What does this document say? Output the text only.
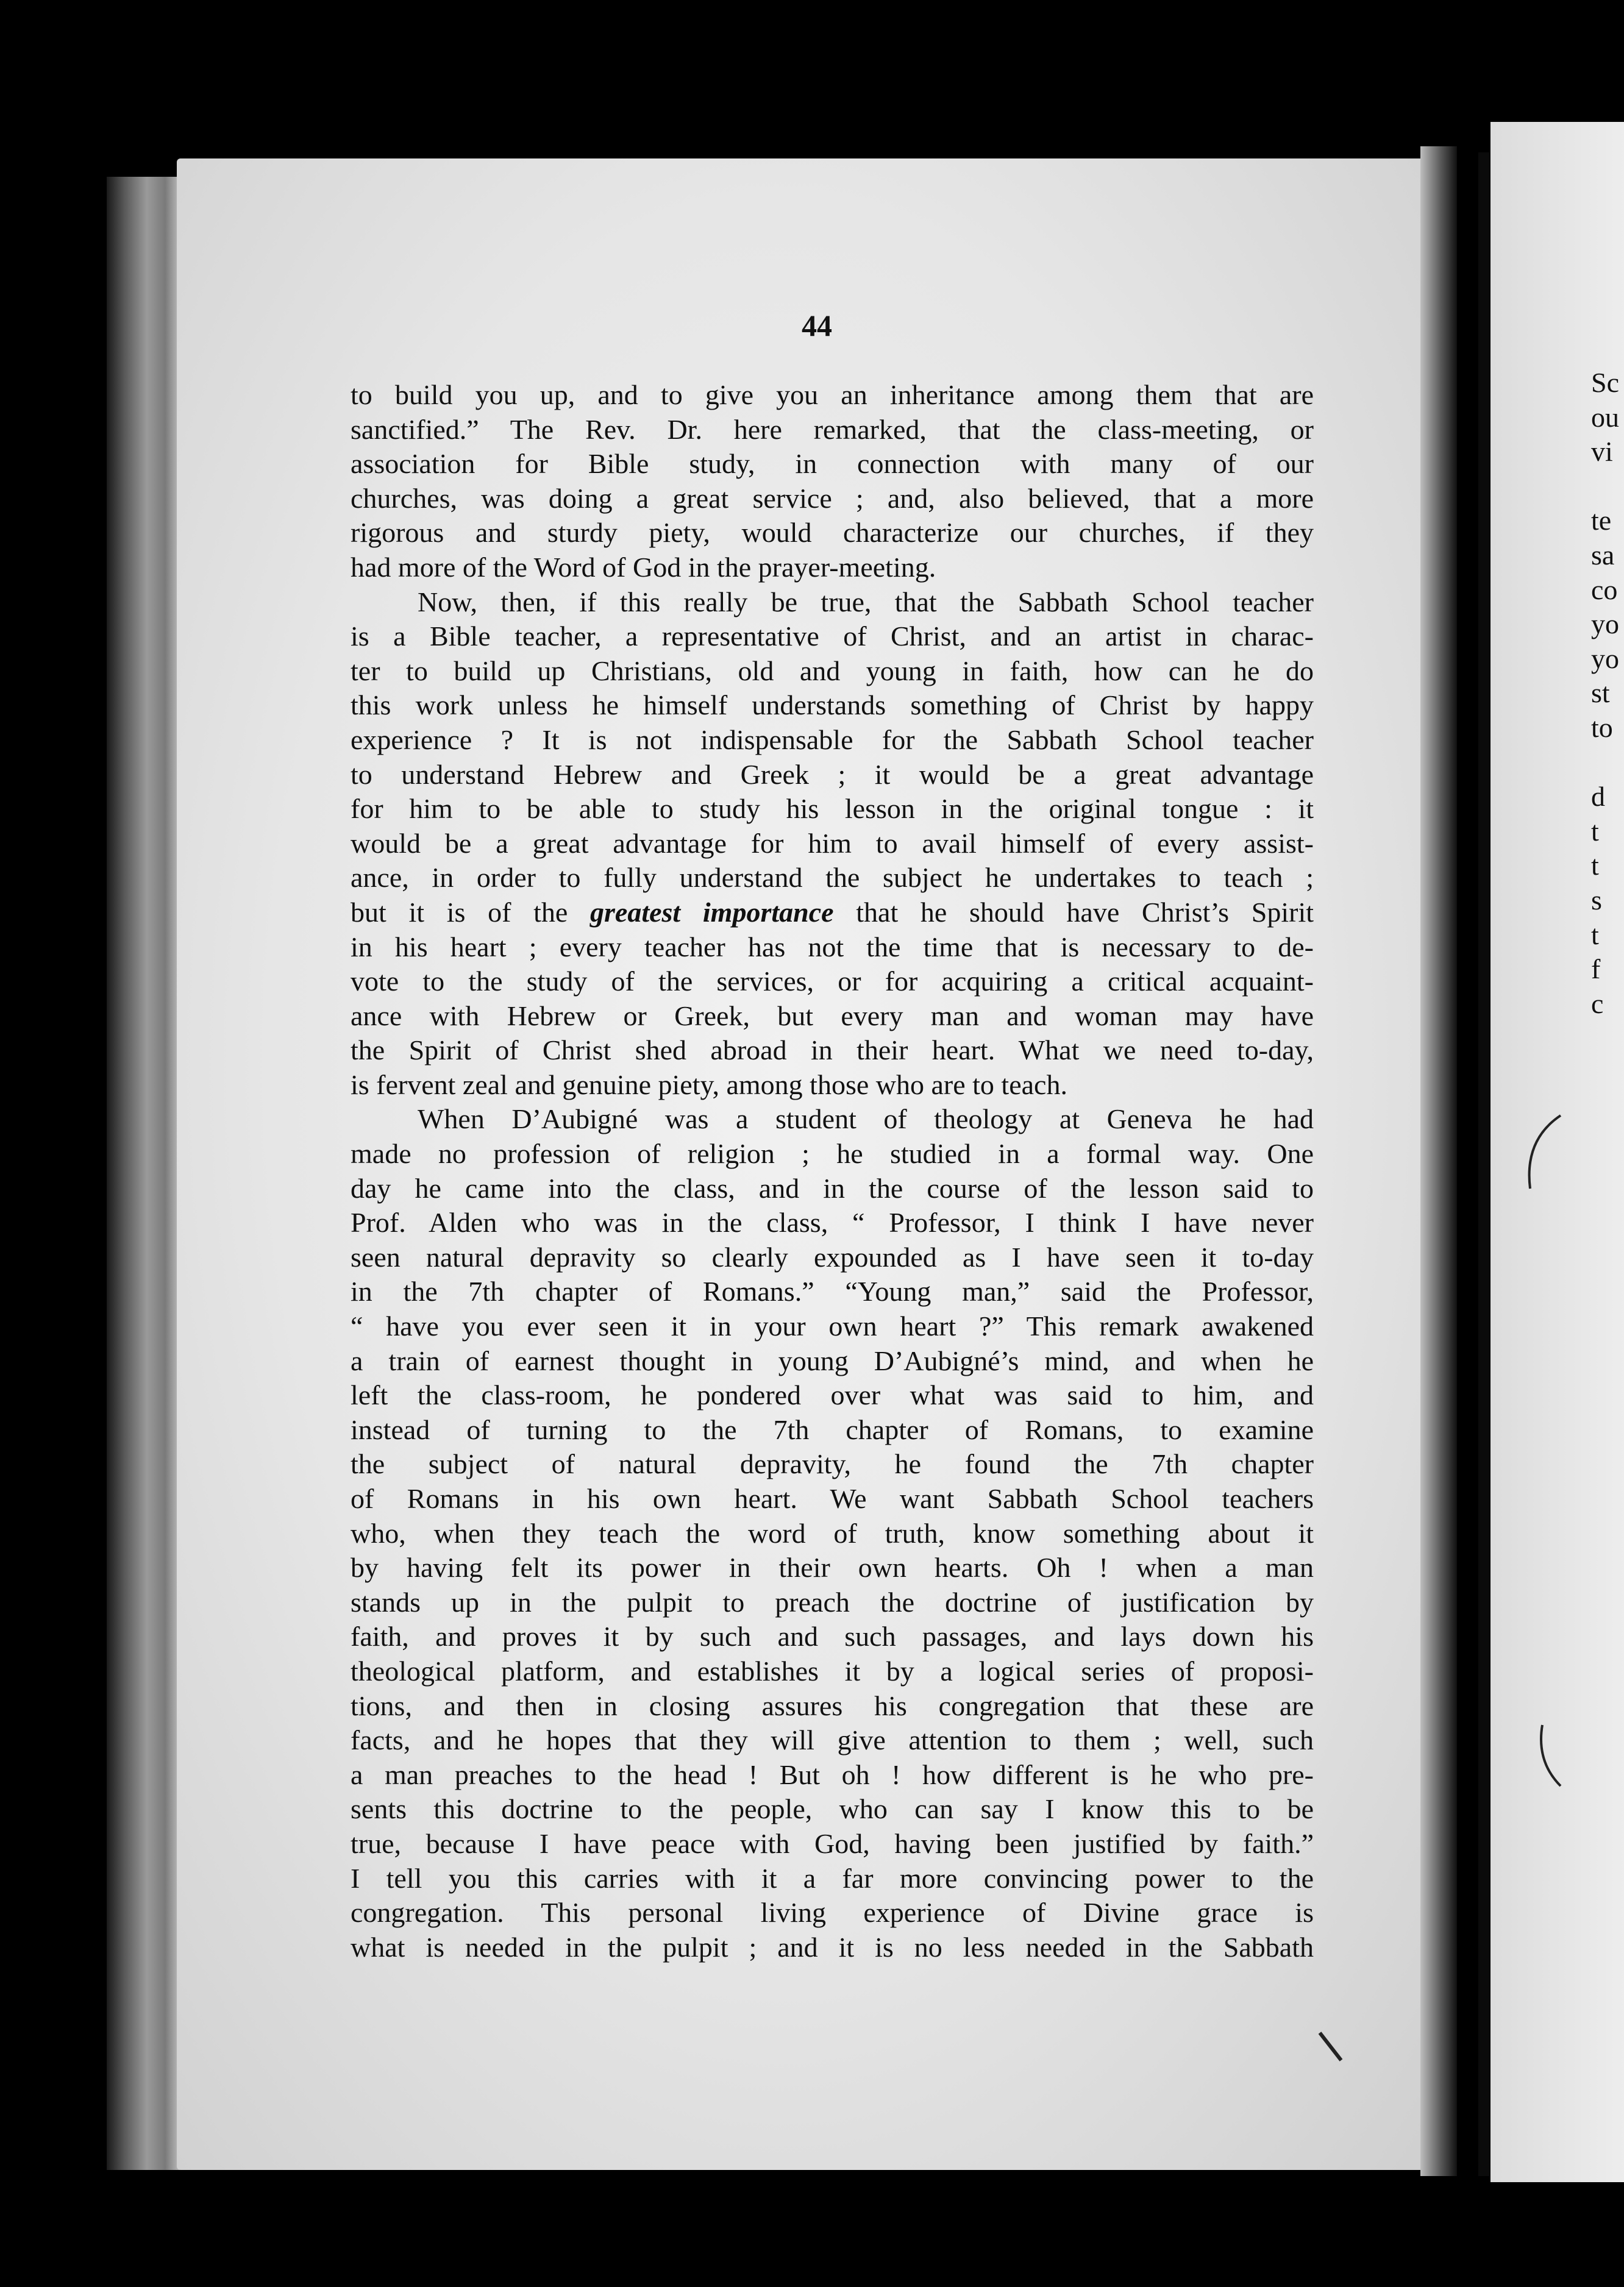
44
to build you up, and to give you an inheritance among them that are
sanctified.” The Rev. Dr. here remarked, that the class-meeting, or
association for Bible study, in connection with many of our
churches, was doing a great service ; and, also believed, that a more
rigorous and sturdy piety, would characterize our churches, if they
had more of the Word of God in the prayer-meeting.
Now, then, if this really be true, that the Sabbath School teacher
is a Bible teacher, a representative of Christ, and an artist in charac-
ter to build up Christians, old and young in faith, how can he do
this work unless he himself understands something of Christ by happy
experience ? It is not indispensable for the Sabbath School teacher
to understand Hebrew and Greek ; it would be a great advantage
for him to be able to study his lesson in the original tongue : it
would be a great advantage for him to avail himself of every assist-
ance, in order to fully understand the subject he undertakes to teach ;
but it is of the greatest importance that he should have Christ’s Spirit
in his heart ; every teacher has not the time that is necessary to de-
vote to the study of the services, or for acquiring a critical acquaint-
ance with Hebrew or Greek, but every man and woman may have
the Spirit of Christ shed abroad in their heart. What we need to-day,
is fervent zeal and genuine piety, among those who are to teach.
When D’Aubigné was a student of theology at Geneva he had
made no profession of religion ; he studied in a formal way. One
day he came into the class, and in the course of the lesson said to
Prof. Alden who was in the class, “ Professor, I think I have never
seen natural depravity so clearly expounded as I have seen it to-day
in the 7th chapter of Romans.” “Young man,” said the Professor,
“ have you ever seen it in your own heart ?” This remark awakened
a train of earnest thought in young D’Aubigné’s mind, and when he
left the class-room, he pondered over what was said to him, and
instead of turning to the 7th chapter of Romans, to examine
the subject of natural depravity, he found the 7th chapter
of Romans in his own heart. We want Sabbath School teachers
who, when they teach the word of truth, know something about it
by having felt its power in their own hearts. Oh ! when a man
stands up in the pulpit to preach the doctrine of justification by
faith, and proves it by such and such passages, and lays down his
theological platform, and establishes it by a logical series of proposi-
tions, and then in closing assures his congregation that these are
facts, and he hopes that they will give attention to them ; well, such
a man preaches to the head ! But oh ! how different is he who pre-
sents this doctrine to the people, who can say I know this to be
true, because I have peace with God, having been justified by faith.”
I tell you this carries with it a far more convincing power to the
congregation. This personal living experience of Divine grace is
what is needed in the pulpit ; and it is no less needed in the Sabbath
Sc
ou
vi
te
sa
co
yo
yo
st
to
d
t
t
s
t
f
c
